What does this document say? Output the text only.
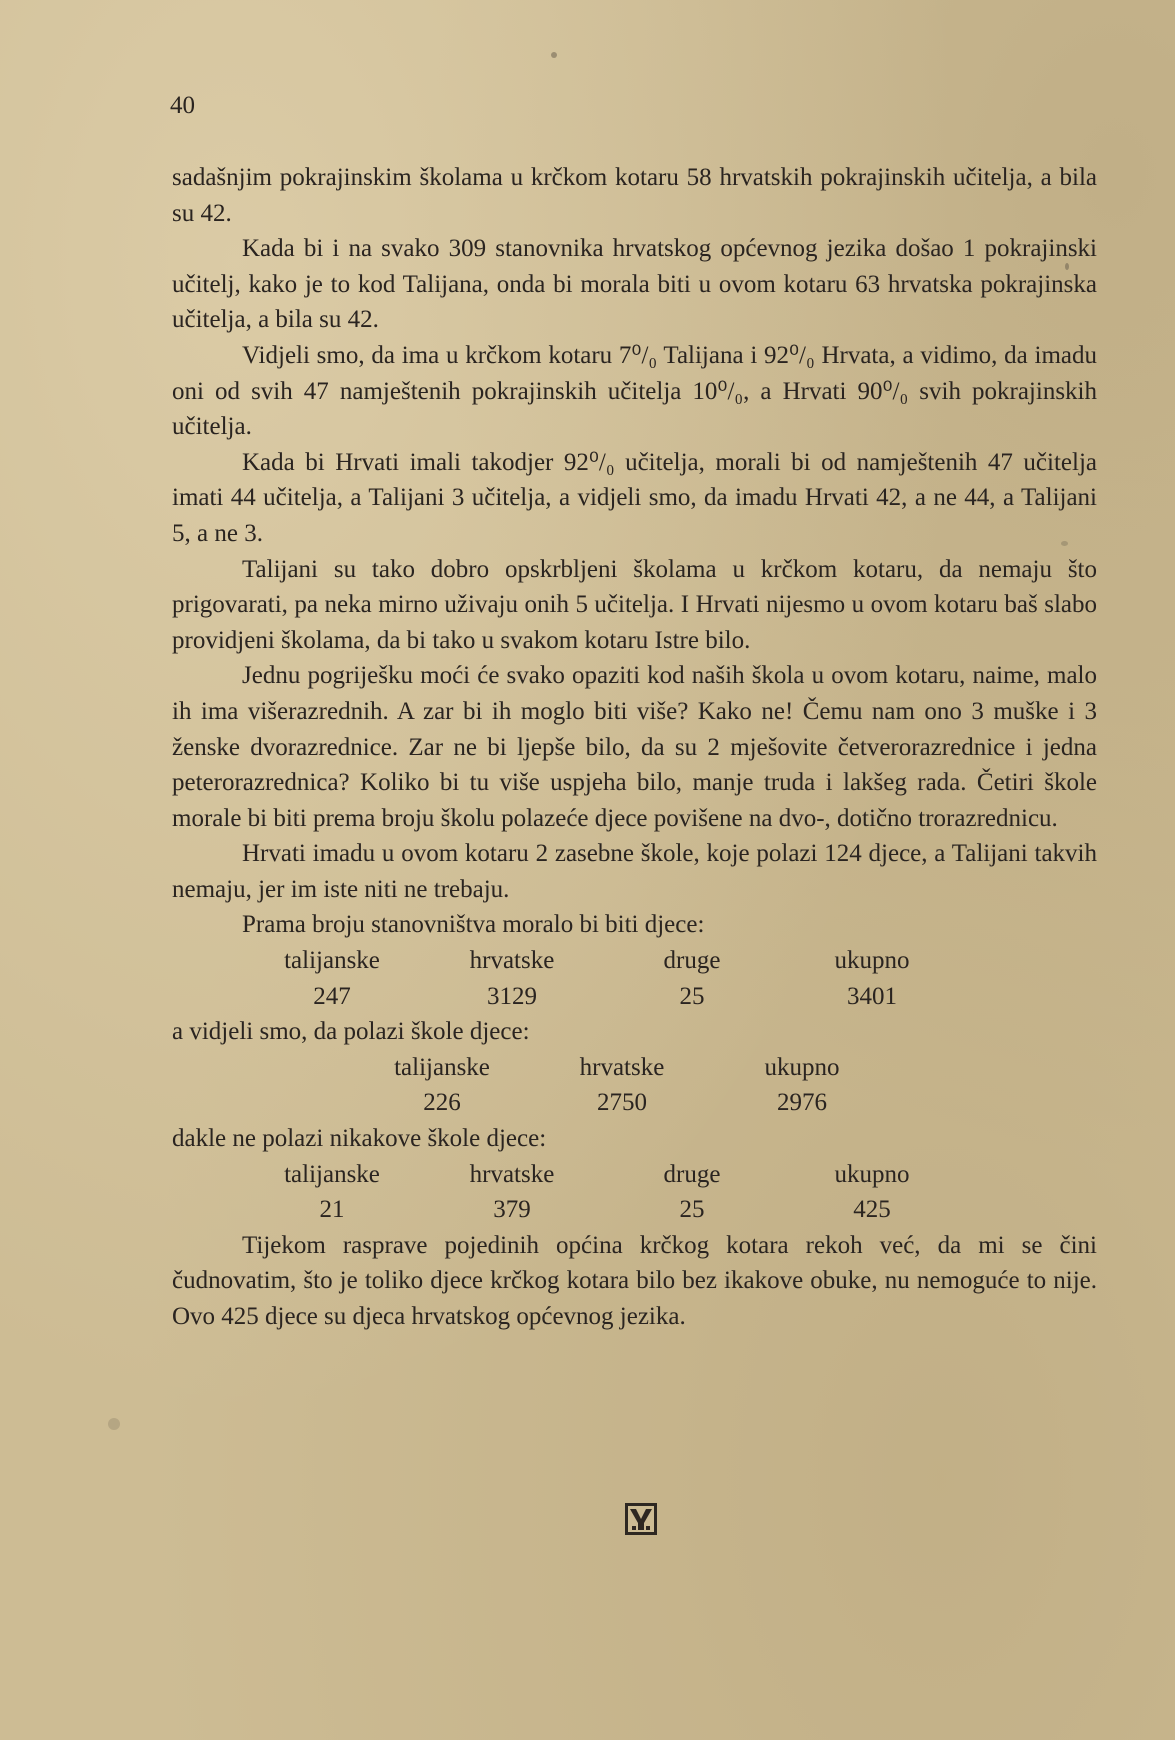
40

sadašnjim pokrajinskim školama u krčkom kotaru 58 hrvatskih pokrajinskih učitelja, a bila su 42.

Kada bi i na svako 309 stanovnika hrvatskog općevnog jezika došao 1 pokrajinski učitelj, kako je to kod Talijana, onda bi morala biti u ovom kotaru 63 hrvatska pokrajinska učitelja, a bila su 42.

Vidjeli smo, da ima u krčkom kotaru 7⁰/₀ Talijana i 92⁰/₀ Hrvata, a vidimo, da imadu oni od svih 47 namještenih pokrajinskih učitelja 10⁰/₀, a Hrvati 90⁰/₀ svih pokrajinskih učitelja.

Kada bi Hrvati imali takodjer 92⁰/₀ učitelja, morali bi od namještenih 47 učitelja imati 44 učitelja, a Talijani 3 učitelja, a vidjeli smo, da imadu Hrvati 42, a ne 44, a Talijani 5, a ne 3.

Talijani su tako dobro opskrbljeni školama u krčkom kotaru, da nemaju što prigovarati, pa neka mirno uživaju onih 5 učitelja. I Hrvati nijesmo u ovom kotaru baš slabo providjeni školama, da bi tako u svakom kotaru Istre bilo.

Jednu pogriješku moći će svako opaziti kod naših škola u ovom kotaru, naime, malo ih ima višerazrednih. A zar bi ih moglo biti više? Kako ne! Čemu nam ono 3 muške i 3 ženske dvorazrednice. Zar ne bi ljepše bilo, da su 2 mješovite četverorazrednice i jedna peterorazrednica? Koliko bi tu više uspjeha bilo, manje truda i lakšeg rada. Četiri škole morale bi biti prema broju školu polazeće djece povišene na dvo-, dotično trorazrednicu.

Hrvati imadu u ovom kotaru 2 zasebne škole, koje polazi 124 djece, a Talijani takvih nemaju, jer im iste niti ne trebaju.

Prama broju stanovništva moralo bi biti djece:

talijanske	hrvatske	druge	ukupno
247	3129	25	3401

a vidjeli smo, da polazi škole djece:

talijanske	hrvatske	ukupno
226	2750	2976

dakle ne polazi nikakove škole djece:

talijanske	hrvatske	druge	ukupno
21	379	25	425

Tijekom rasprave pojedinih općina krčkog kotara rekoh već, da mi se čini čudnovatim, što je toliko djece krčkog kotara bilo bez ikakove obuke, nu nemoguće to nije. Ovo 425 djece su djeca hrvatskog općevnog jezika.
